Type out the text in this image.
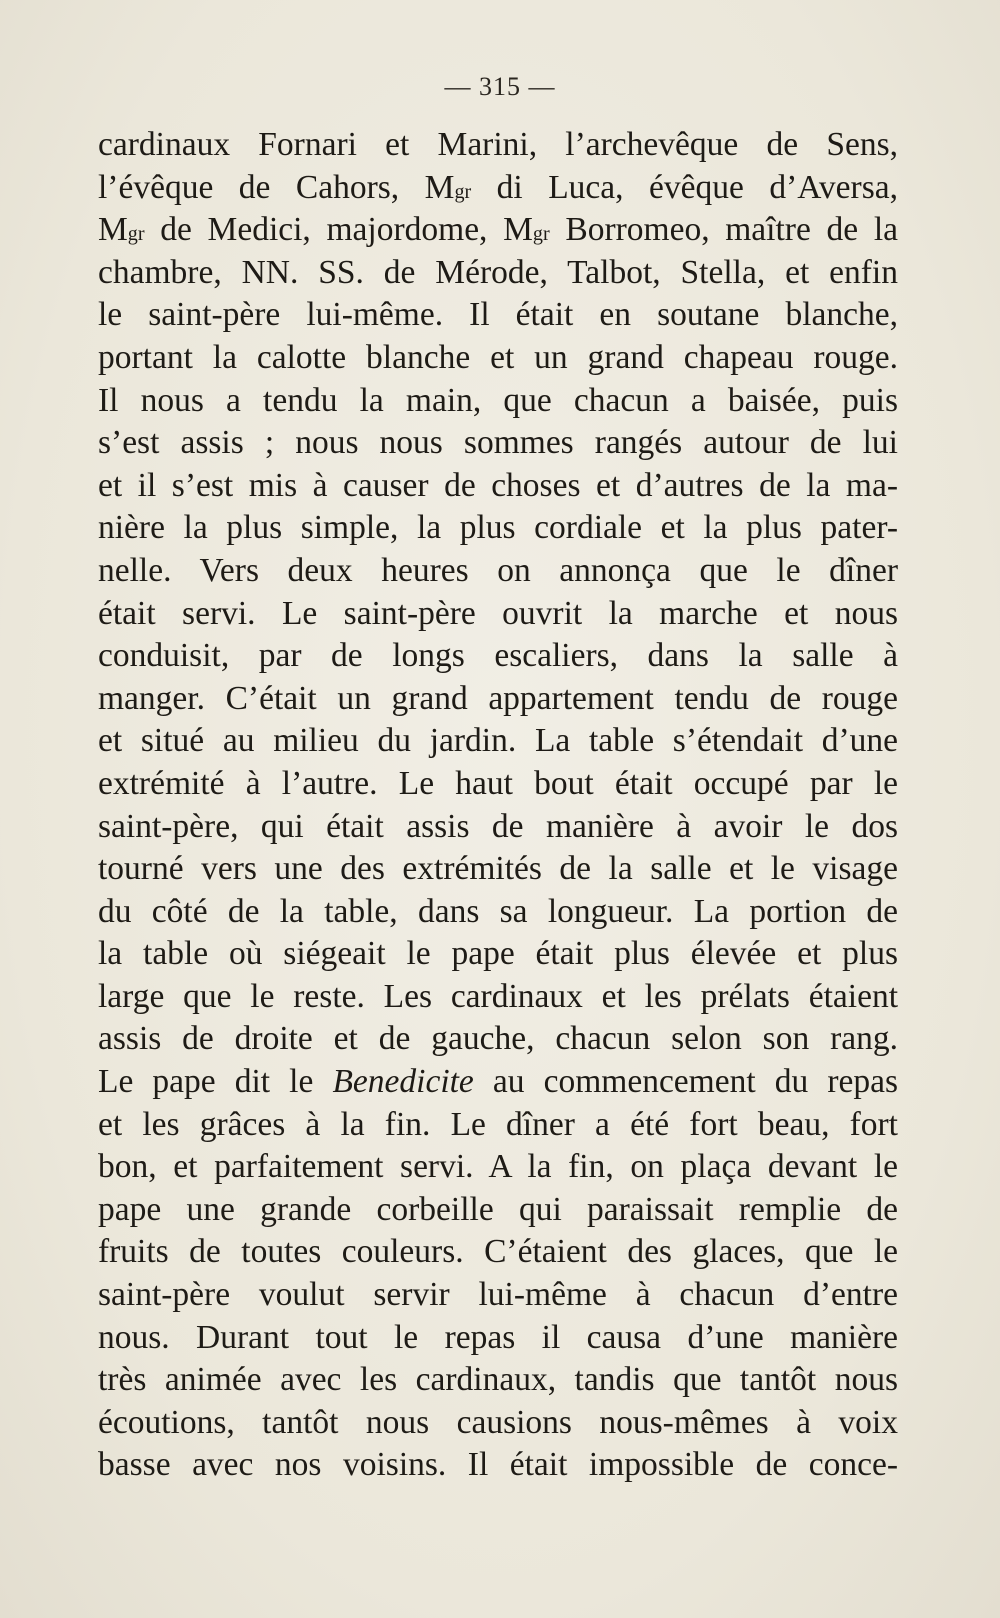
— 315 —
cardinaux Fornari et Marini, l’archevêque de Sens,
l’évêque de Cahors, $M^{gr}$ di Luca, évêque d’Aversa,
$M^{gr}$ de Medici, majordome, $M^{gr}$ Borromeo, maître de la
chambre, NN. SS. de Mérode, Talbot, Stella, et enfin
le saint-père lui-même. Il était en soutane blanche,
portant la calotte blanche et un grand chapeau rouge.
Il nous a tendu la main, que chacun a baisée, puis
s’est assis ; nous nous sommes rangés autour de lui
et il s’est mis à causer de choses et d’autres de la ma-
nière la plus simple, la plus cordiale et la plus pater-
nelle. Vers deux heures on annonça que le dîner
était servi. Le saint-père ouvrit la marche et nous
conduisit, par de longs escaliers, dans la salle à
manger. C’était un grand appartement tendu de rouge
et situé au milieu du jardin. La table s’étendait d’une
extrémité à l’autre. Le haut bout était occupé par le
saint-père, qui était assis de manière à avoir le dos
tourné vers une des extrémités de la salle et le visage
du côté de la table, dans sa longueur. La portion de
la table où siégeait le pape était plus élevée et plus
large que le reste. Les cardinaux et les prélats étaient
assis de droite et de gauche, chacun selon son rang.
Le pape dit le Benedicite au commencement du repas
et les grâces à la fin. Le dîner a été fort beau, fort
bon, et parfaitement servi. A la fin, on plaça devant le
pape une grande corbeille qui paraissait remplie de
fruits de toutes couleurs. C’étaient des glaces, que le
saint-père voulut servir lui-même à chacun d’entre
nous. Durant tout le repas il causa d’une manière
très animée avec les cardinaux, tandis que tantôt nous
écoutions, tantôt nous causions nous-mêmes à voix
basse avec nos voisins. Il était impossible de conce-
